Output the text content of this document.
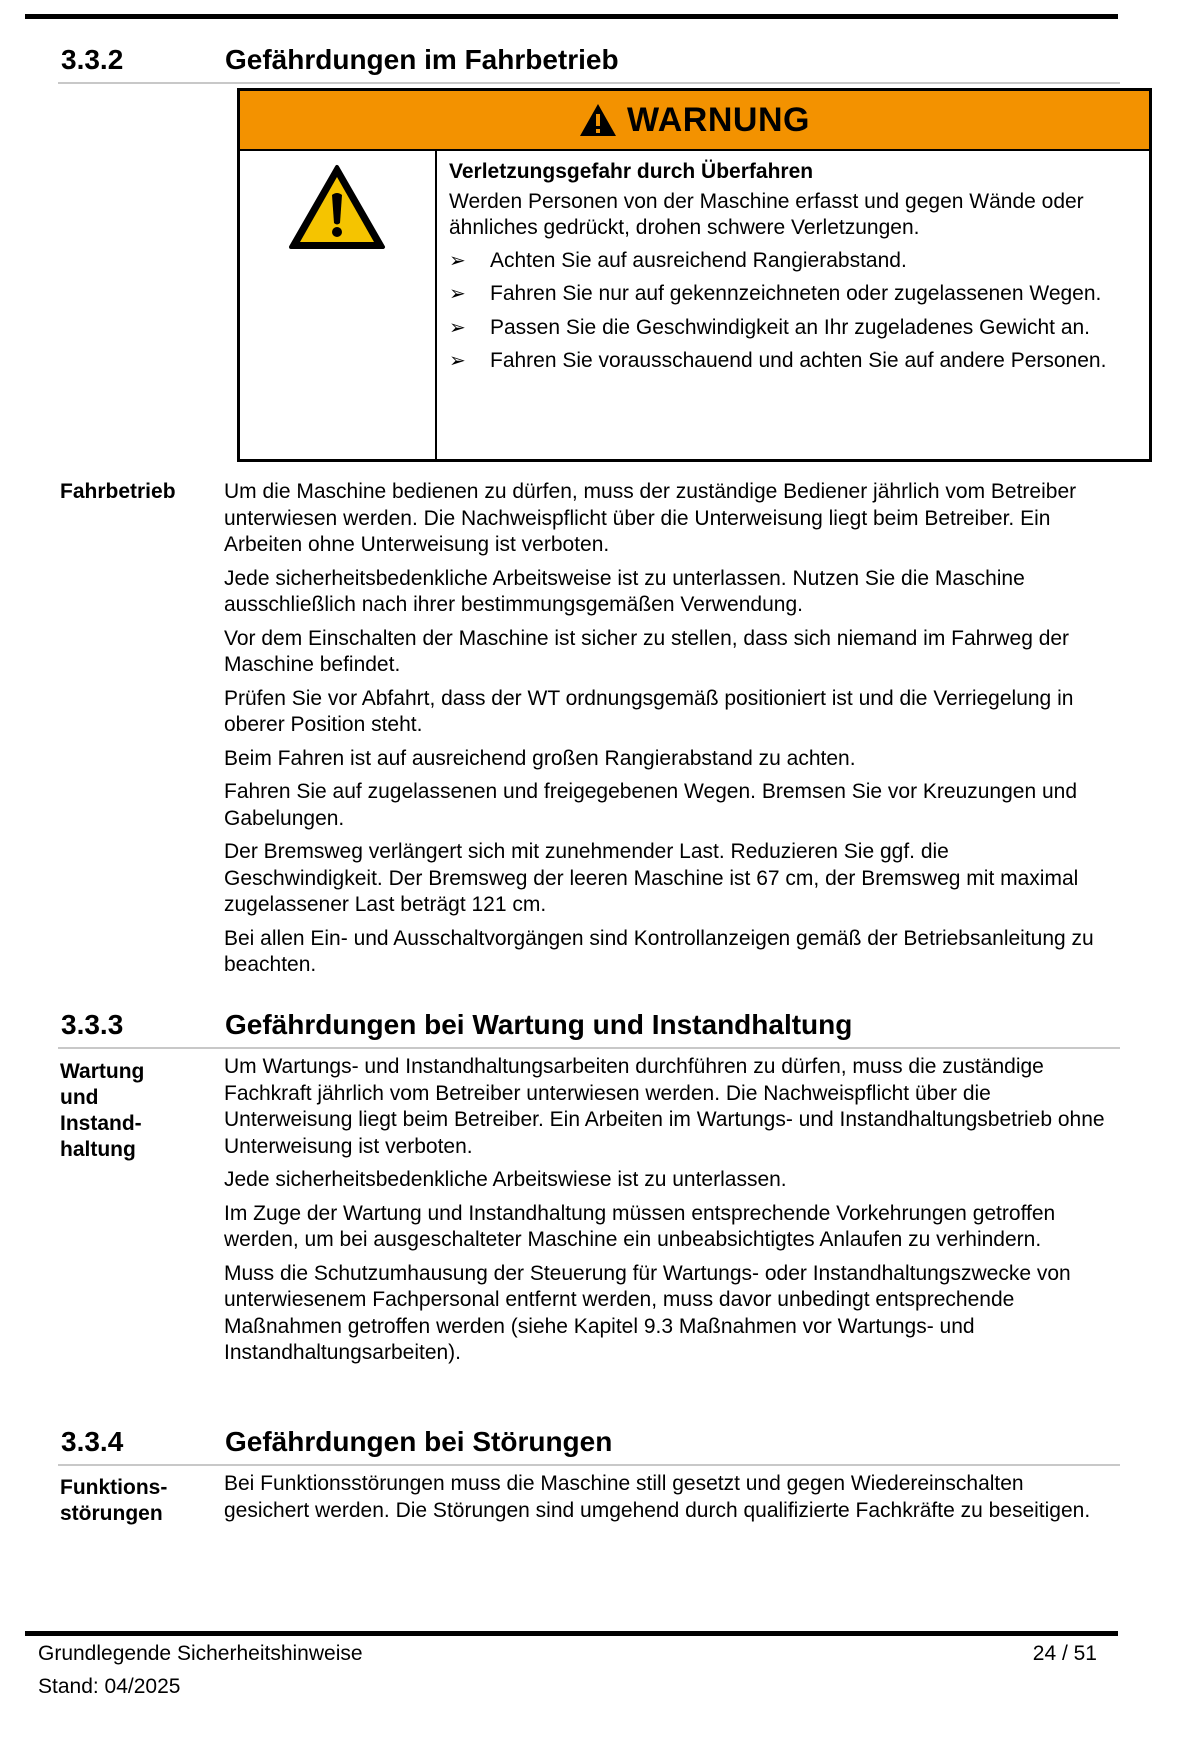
3.3.2	Gefährdungen im Fahrbetrieb
WARNUNG
Verletzungsgefahr durch Überfahren
Werden Personen von der Maschine erfasst und gegen Wände oder ähnliches gedrückt, drohen schwere Verletzungen.
➢	Achten Sie auf ausreichend Rangierabstand.
➢	Fahren Sie nur auf gekennzeichneten oder zugelassenen Wegen.
➢	Passen Sie die Geschwindigkeit an Ihr zugeladenes Gewicht an.
➢	Fahren Sie vorausschauend und achten Sie auf andere Personen.
Fahrbetrieb Um die Maschine bedienen zu dürfen, muss der zuständige Bediener jährlich vom Betreiber unterwiesen werden. Die Nachweispflicht über die Unterweisung liegt beim Betreiber. Ein Arbeiten ohne Unterweisung ist verboten.

Jede sicherheitsbedenkliche Arbeitsweise ist zu unterlassen. Nutzen Sie die Maschine ausschließlich nach ihrer bestimmungsgemäßen Verwendung.

Vor dem Einschalten der Maschine ist sicher zu stellen, dass sich niemand im Fahrweg der Maschine befindet.

Prüfen Sie vor Abfahrt, dass der WT ordnungsgemäß positioniert ist und die Verriegelung in oberer Position steht.

Beim Fahren ist auf ausreichend großen Rangierabstand zu achten.

Fahren Sie auf zugelassenen und freigegebenen Wegen. Bremsen Sie vor Kreuzungen und Gabelungen.

Der Bremsweg verlängert sich mit zunehmender Last. Reduzieren Sie ggf. die Geschwindigkeit. Der Bremsweg der leeren Maschine ist 67 cm, der Bremsweg mit maximal zugelassener Last beträgt 121 cm.

Bei allen Ein- und Ausschaltvorgängen sind Kontrollanzeigen gemäß der Betriebsanleitung zu beachten.

3.3.3	Gefährdungen bei Wartung und Instandhaltung
Wartung
und
Instand-
haltung

Um Wartungs- und Instandhaltungsarbeiten durchführen zu dürfen, muss die zuständige Fachkraft jährlich vom Betreiber unterwiesen werden. Die Nachweispflicht über die Unterweisung liegt beim Betreiber. Ein Arbeiten im Wartungs- und Instandhaltungsbetrieb ohne Unterweisung ist verboten.

Jede sicherheitsbedenkliche Arbeitswiese ist zu unterlassen.

Im Zuge der Wartung und Instandhaltung müssen entsprechende Vorkehrungen getroffen werden, um bei ausgeschalteter Maschine ein unbeabsichtigtes Anlaufen zu verhindern.

Muss die Schutzumhausung der Steuerung für Wartungs- oder Instandhaltungszwecke von unterwiesenem Fachpersonal entfernt werden, muss davor unbedingt entsprechende Maßnahmen getroffen werden (siehe Kapitel 9.3 Maßnahmen vor Wartungs- und Instandhaltungsarbeiten).

3.3.4	Gefährdungen bei Störungen
Funktions-
störungen

Bei Funktionsstörungen muss die Maschine still gesetzt und gegen Wiedereinschalten gesichert werden. Die Störungen sind umgehend durch qualifizierte Fachkräfte zu beseitigen.

Grundlegende Sicherheitshinweise
Stand: 04/2025
24 / 51
